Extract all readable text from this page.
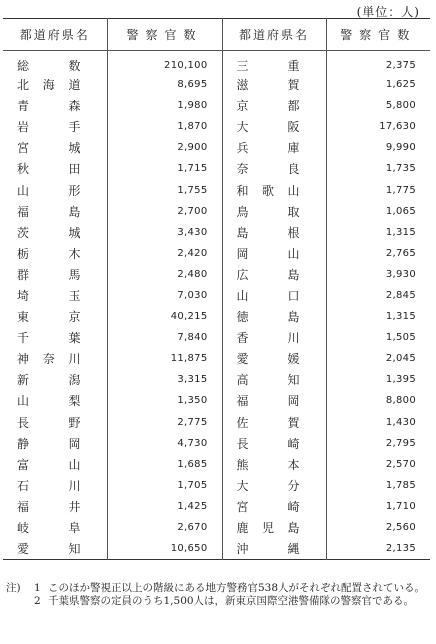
(単位：人)
都道府県名	警察官数	都道府県名	警察官数

総 数	210,100	三 重	2,375

北 海 道	8,695	滋 賀	1,625

青 森	1,980	京 都	5,800

岩 手	1,870	大 阪	17,630

宮 城	2,900	兵 庫	9,990

秋 田	1,715	奈 良	1,735

山 形	1,755	和 歌 山	1,775

福 島	2,700	鳥 取	1,065

茨 城	3,430	島 根	1,315

栃 木	2,420	岡 山	2,765

群 馬	2,480	広 島	3,930

埼 玉	7,030	山 口	2,845

東 京	40,215	徳 島	1,315

千 葉	7,840	香 川	1,505

神 奈 川	11,875	愛 媛	2,045

新 潟	3,315	高 知	1,395

山 梨	1,350	福 岡	8,800

長 野	2,775	佐 賀	1,430

静 岡	4,730	長 崎	2,795

富 山	1,685	熊 本	2,570

石 川	1,705	大 分	1,785

福 井	1,425	宮 崎	1,710

岐 阜	2,670	鹿 児 島	2,560

愛 知	10,650	沖 縄	2,135
注)	1 このほか警視正以上の階級にある地方警務官538人がそれぞれ配置されている。
2 千葉県警察の定員のうち1,500人は，新東京国際空港警備隊の警察官である。
